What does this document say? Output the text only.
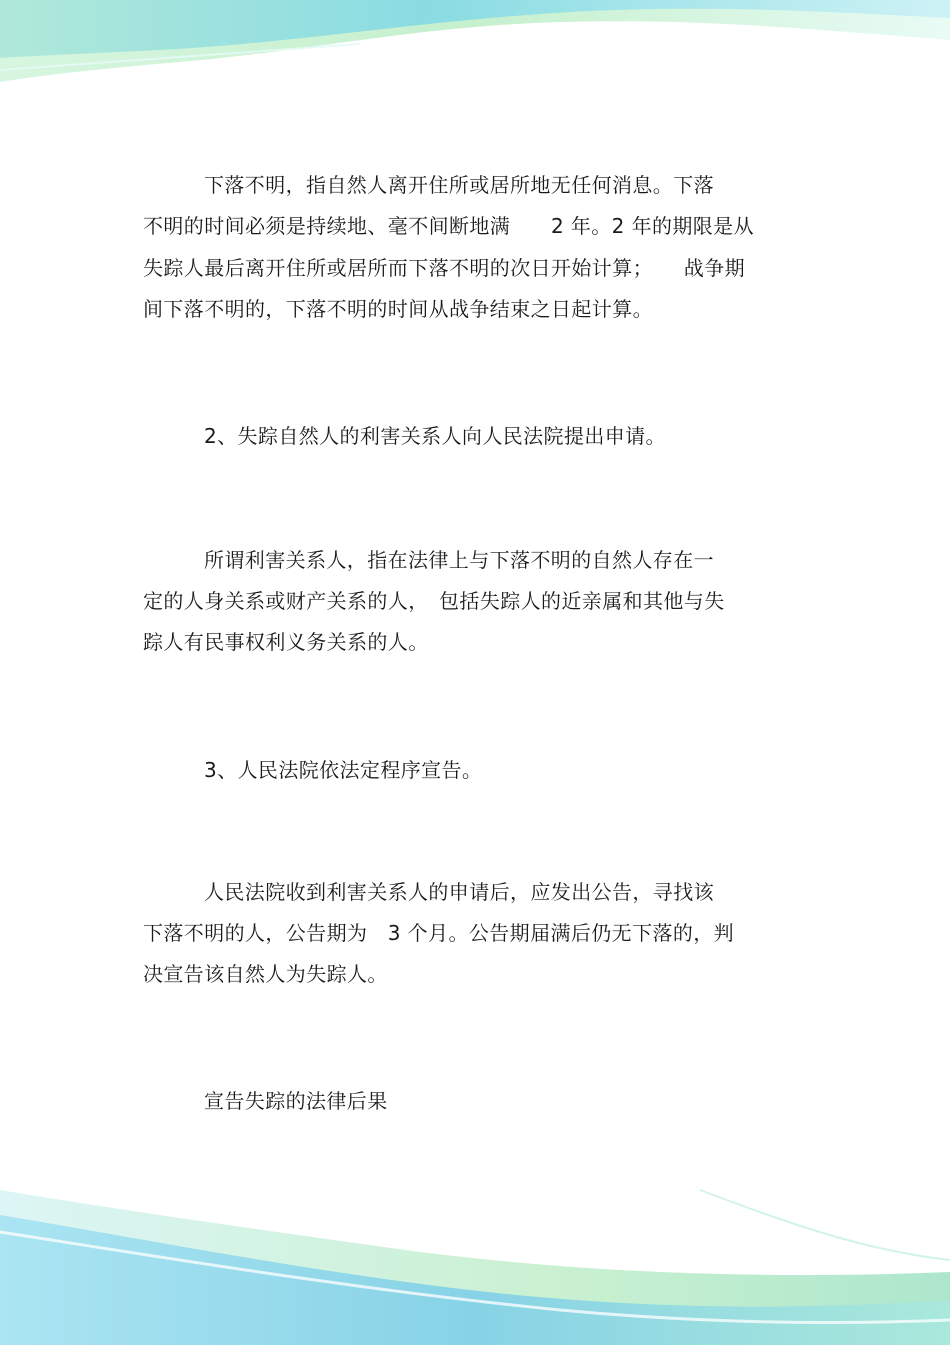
下落不明，指自然人离开住所或居所地无任何消息。下落
不明的时间必须是持续地、毫不间断地满　　2 年。2 年的期限是从
失踪人最后离开住所或居所而下落不明的次日开始计算；　　战争期
间下落不明的，下落不明的时间从战争结束之日起计算。
2、失踪自然人的利害关系人向人民法院提出申请。
所谓利害关系人，指在法律上与下落不明的自然人存在一
定的人身关系或财产关系的人，　包括失踪人的近亲属和其他与失
踪人有民事权利义务关系的人。
3、人民法院依法定程序宣告。
人民法院收到利害关系人的申请后，应发出公告，寻找该
下落不明的人，公告期为　3 个月。公告期届满后仍无下落的，判
决宣告该自然人为失踪人。
宣告失踪的法律后果
